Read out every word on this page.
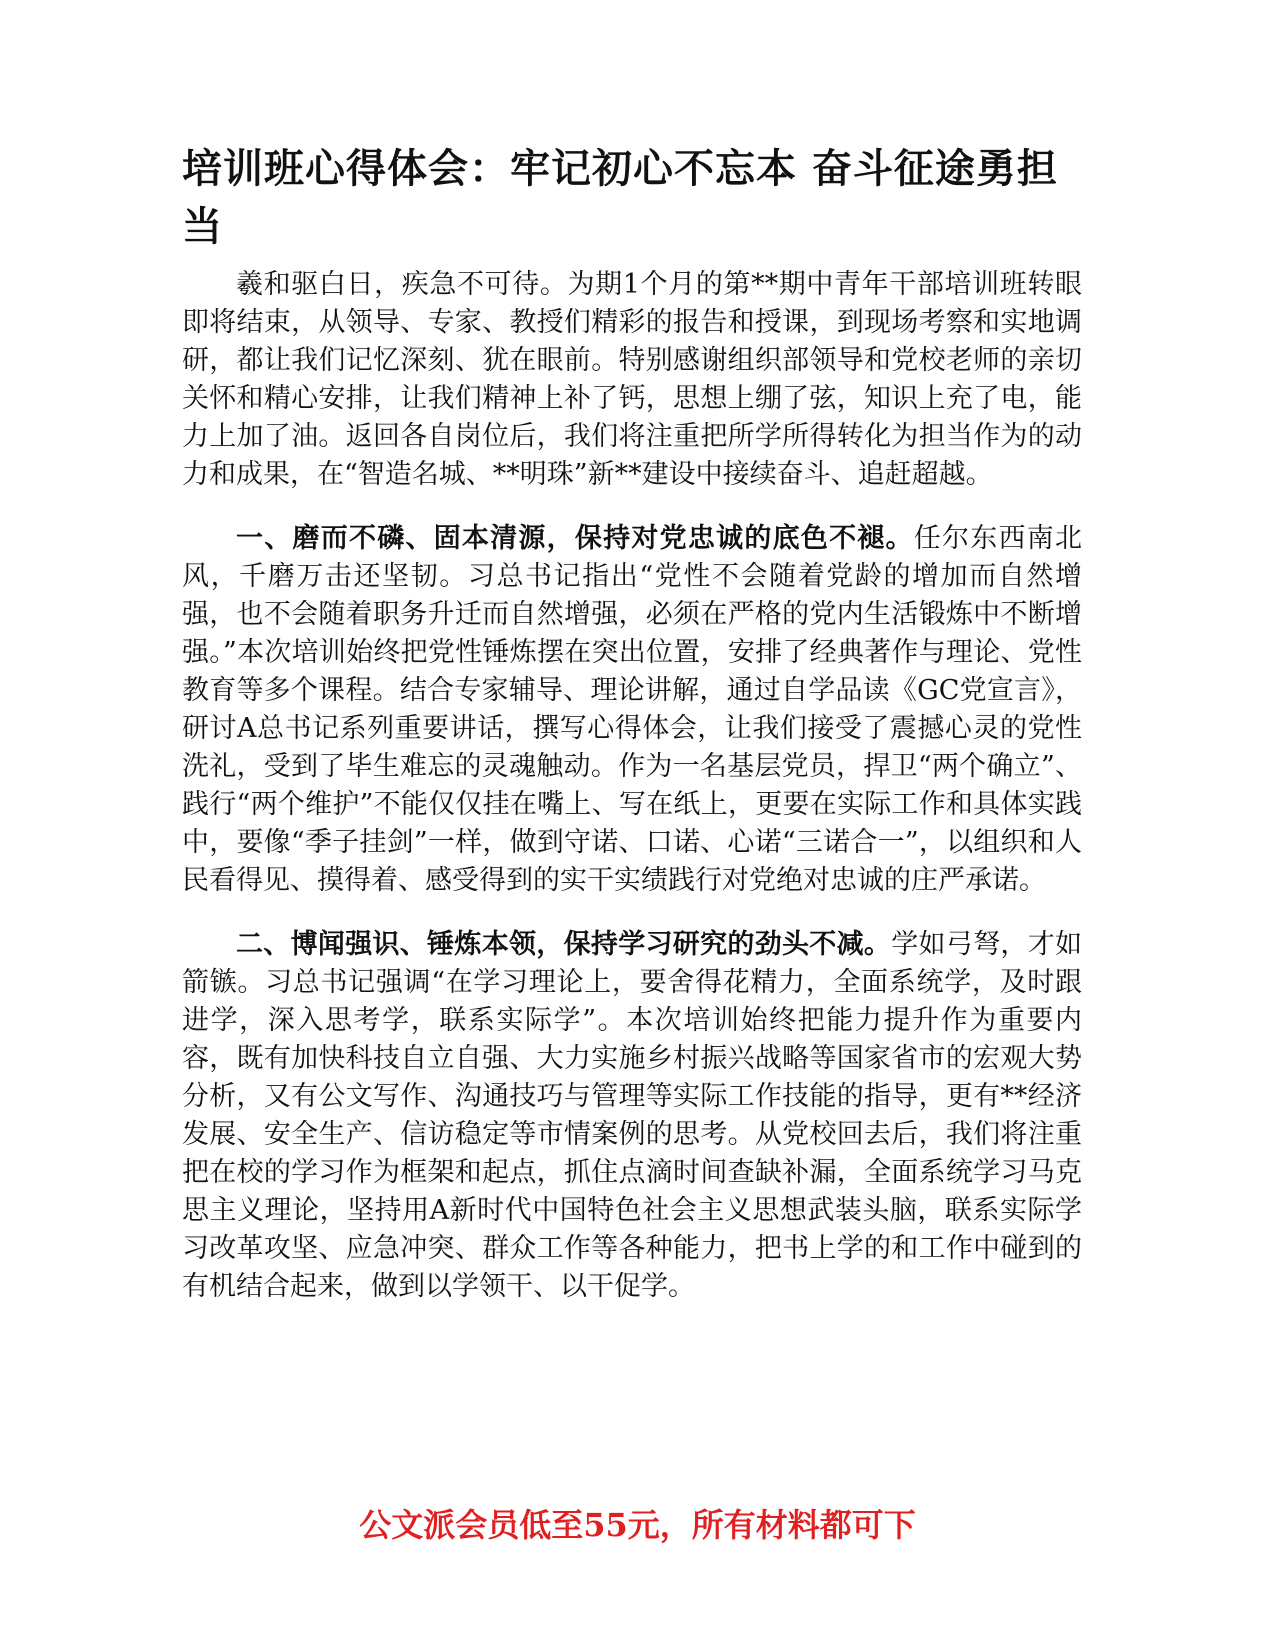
培训班心得体会：牢记初心不忘本 奋斗征途勇担当

羲和驱白日，疾急不可待。为期1个月的第**期中青年干部培训班转眼即将结束，从领导、专家、教授们精彩的报告和授课，到现场考察和实地调研，都让我们记忆深刻、犹在眼前。特别感谢组织部领导和党校老师的亲切关怀和精心安排，让我们精神上补了钙，思想上绷了弦，知识上充了电，能力上加了油。返回各自岗位后，我们将注重把所学所得转化为担当作为的动力和成果，在“智造名城、**明珠”新**建设中接续奋斗、追赶超越。

一、磨而不磷、固本清源，保持对党忠诚的底色不褪。任尔东西南北风，千磨万击还坚韧。习总书记指出“党性不会随着党龄的增加而自然增强，也不会随着职务升迁而自然增强，必须在严格的党内生活锻炼中不断增强。”本次培训始终把党性锤炼摆在突出位置，安排了经典著作与理论、党性教育等多个课程。结合专家辅导、理论讲解，通过自学品读《GC党宣言》，研讨A总书记系列重要讲话，撰写心得体会，让我们接受了震撼心灵的党性洗礼，受到了毕生难忘的灵魂触动。作为一名基层党员，捍卫“两个确立”、践行“两个维护”不能仅仅挂在嘴上、写在纸上，更要在实际工作和具体实践中，要像“季子挂剑”一样，做到守诺、口诺、心诺“三诺合一”，以组织和人民看得见、摸得着、感受得到的实干实绩践行对党绝对忠诚的庄严承诺。

二、博闻强识、锤炼本领，保持学习研究的劲头不减。学如弓弩，才如箭镞。习总书记强调“在学习理论上，要舍得花精力，全面系统学，及时跟进学，深入思考学，联系实际学”。本次培训始终把能力提升作为重要内容，既有加快科技自立自强、大力实施乡村振兴战略等国家省市的宏观大势分析，又有公文写作、沟通技巧与管理等实际工作技能的指导，更有**经济发展、安全生产、信访稳定等市情案例的思考。从党校回去后，我们将注重把在校的学习作为框架和起点，抓住点滴时间查缺补漏，全面系统学习马克思主义理论，坚持用A新时代中国特色社会主义思想武装头脑，联系实际学习改革攻坚、应急冲突、群众工作等各种能力，把书上学的和工作中碰到的有机结合起来，做到以学领干、以干促学。

公文派会员低至55元，所有材料都可下
